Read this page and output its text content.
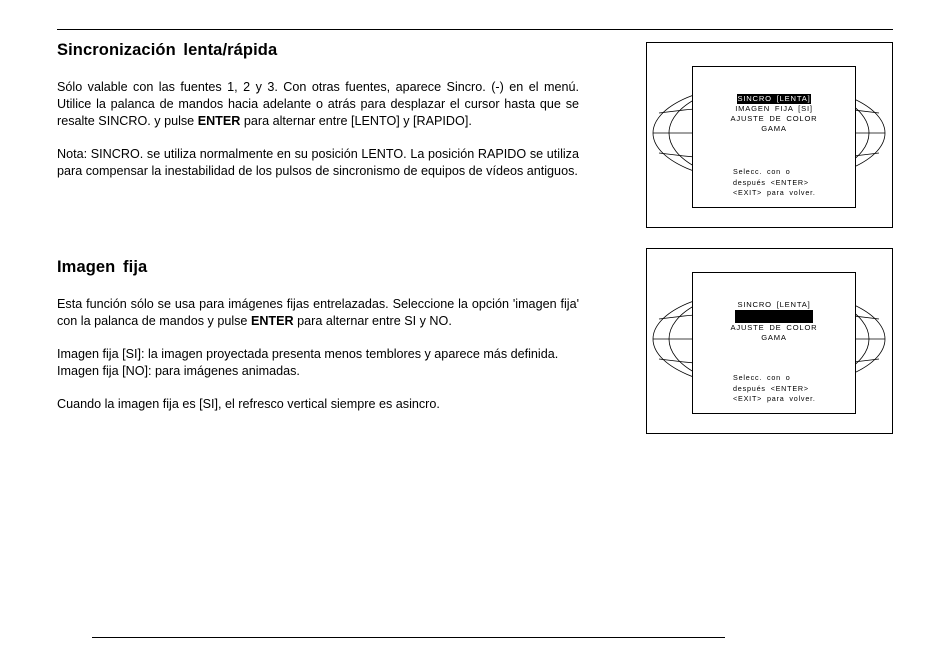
Sincronización lenta/rápida

Sólo valable con las fuentes 1, 2 y 3. Con otras fuentes, aparece Sincro. (-) en el menú. Utilice la palanca de mandos hacia adelante o atrás para desplazar el cursor hasta que se resalte SINCRO. y pulse ENTER para alternar entre [LENTO] y [RAPIDO].

Nota: SINCRO. se utiliza normalmente en su posición LENTO. La posición RAPIDO se utiliza para compensar la inestabilidad de los pulsos de sincronismo de equipos de vídeos antiguos.

Imagen fija

Esta función sólo se usa para imágenes fijas entrelazadas. Seleccione la opción 'imagen fija' con la palanca de mandos y pulse ENTER para alternar entre SI y NO.

Imagen fija [SI]: la imagen proyectada presenta menos temblores y aparece más definida.
Imagen fija [NO]: para imágenes animadas.

Cuando la imagen fija es [SI], el refresco vertical siempre es asincro.

SINCRO [LENTA]
IMAGEN FIJA [SI]
AJUSTE DE COLOR
GAMA
Selecc. con o
después <ENTER>
<EXIT> para volver.
SINCRO [LENTA]
AJUSTE DE COLOR
GAMA
Selecc. con o
después <ENTER>
<EXIT> para volver.
